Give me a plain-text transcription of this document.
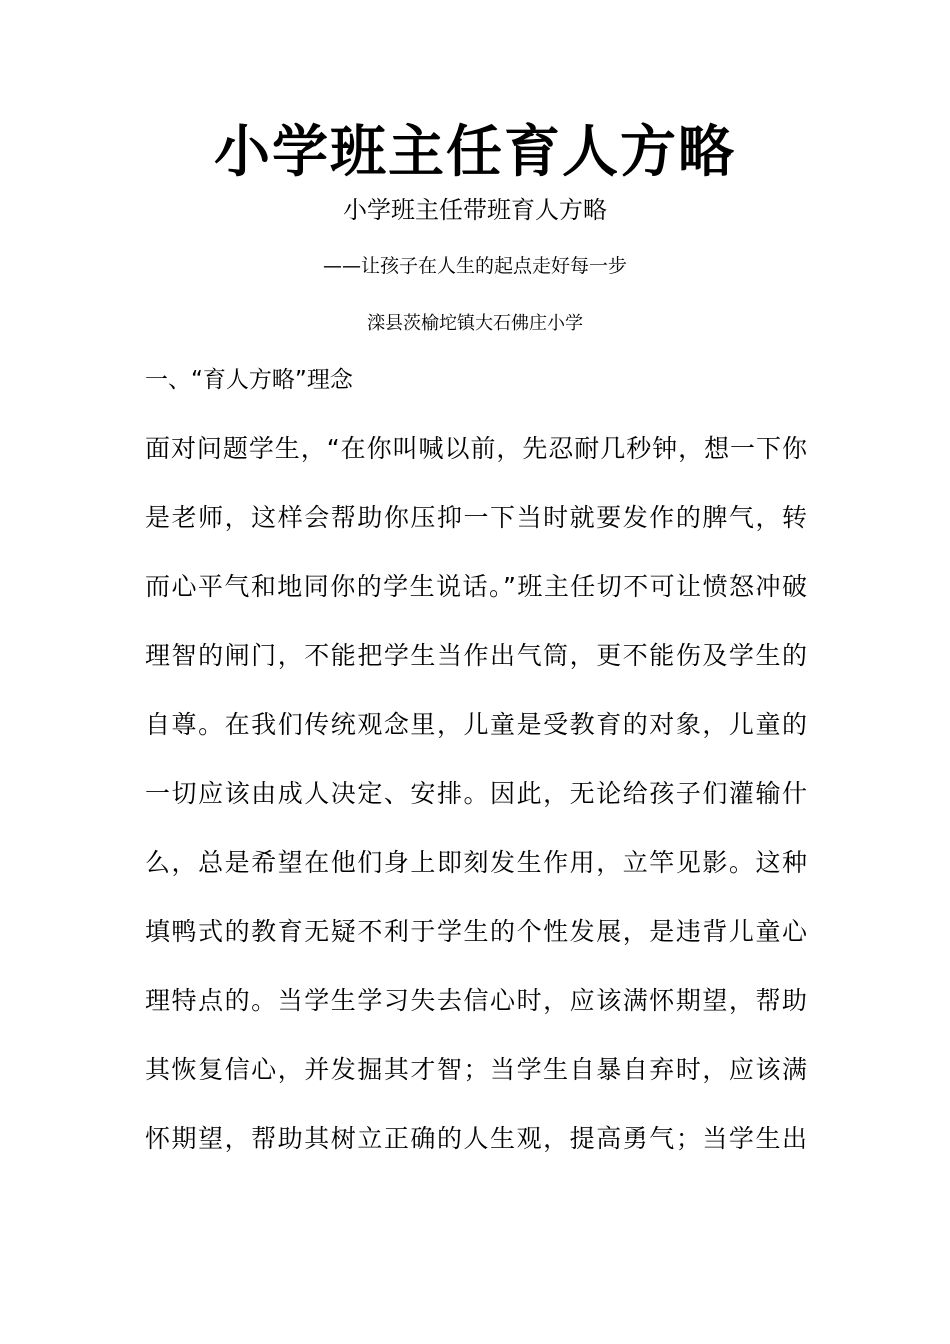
小学班主任育人方略
小学班主任带班育人方略
——让孩子在人生的起点走好每一步
滦县茨榆坨镇大石佛庄小学
一、“育人方略”理念
面对问题学生，“在你叫喊以前，先忍耐几秒钟，想一下你
是老师，这样会帮助你压抑一下当时就要发作的脾气，转
而心平气和地同你的学生说话。”班主任切不可让愤怒冲破
理智的闸门，不能把学生当作出气筒，更不能伤及学生的
自尊。在我们传统观念里，儿童是受教育的对象，儿童的
一切应该由成人决定、安排。因此，无论给孩子们灌输什
么，总是希望在他们身上即刻发生作用，立竿见影。这种
填鸭式的教育无疑不利于学生的个性发展，是违背儿童心
理特点的。当学生学习失去信心时，应该满怀期望，帮助
其恢复信心，并发掘其才智；当学生自暴自弃时，应该满
怀期望，帮助其树立正确的人生观，提高勇气；当学生出
